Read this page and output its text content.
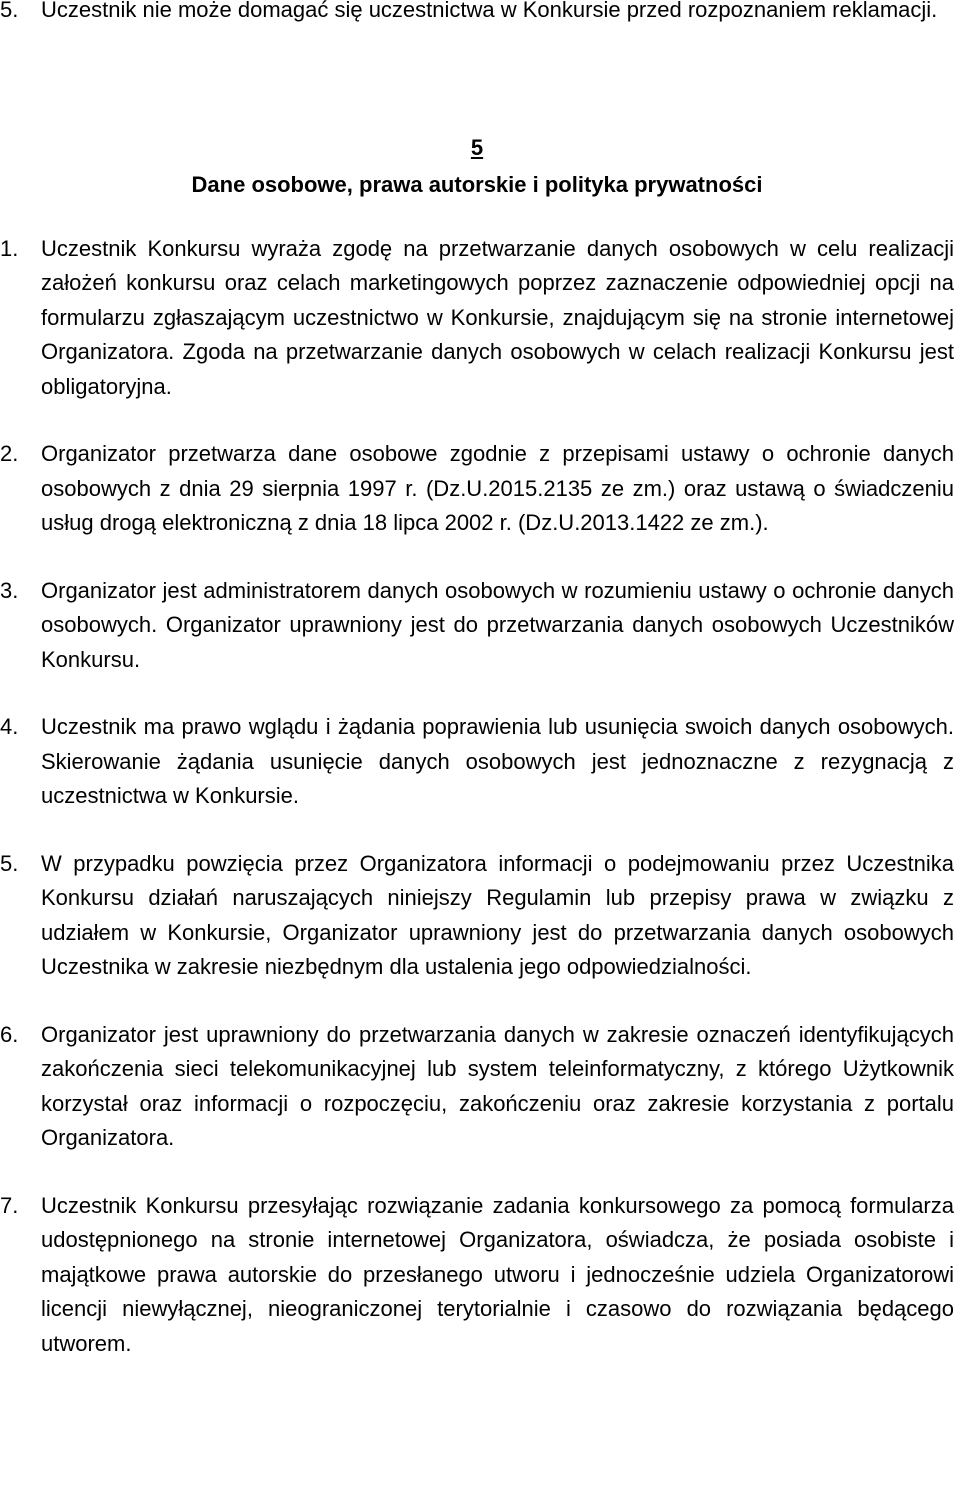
5.	Uczestnik nie może domagać się uczestnictwa w Konkursie przed rozpoznaniem reklamacji.
5
Dane osobowe, prawa autorskie i polityka prywatności
1.	Uczestnik Konkursu wyraża zgodę na przetwarzanie danych osobowych w celu realizacji założeń konkursu oraz celach marketingowych poprzez zaznaczenie odpowiedniej opcji na formularzu zgłaszającym uczestnictwo w Konkursie, znajdującym się na stronie internetowej Organizatora. Zgoda na przetwarzanie danych osobowych w celach realizacji Konkursu jest obligatoryjna.
2.	Organizator przetwarza dane osobowe zgodnie z przepisami ustawy o ochronie danych osobowych z dnia 29 sierpnia 1997 r. (Dz.U.2015.2135 ze zm.) oraz ustawą o świadczeniu usług drogą elektroniczną z dnia 18 lipca 2002 r. (Dz.U.2013.1422 ze zm.).
3.	Organizator jest administratorem danych osobowych w rozumieniu ustawy o ochronie danych osobowych. Organizator uprawniony jest do przetwarzania danych osobowych Uczestników Konkursu.
4.	Uczestnik ma prawo wglądu i żądania poprawienia lub usunięcia swoich danych osobowych. Skierowanie żądania usunięcie danych osobowych jest jednoznaczne z rezygnacją z uczestnictwa w Konkursie.
5.	W przypadku powzięcia przez Organizatora informacji o podejmowaniu przez Uczestnika Konkursu działań naruszających niniejszy Regulamin lub przepisy prawa w związku z udziałem w Konkursie, Organizator uprawniony jest do przetwarzania danych osobowych Uczestnika w zakresie niezbędnym dla ustalenia jego odpowiedzialności.
6.	Organizator jest uprawniony do przetwarzania danych w zakresie oznaczeń identyfikujących zakończenia sieci telekomunikacyjnej lub system teleinformatyczny, z którego Użytkownik korzystał oraz informacji o rozpoczęciu, zakończeniu oraz zakresie korzystania z portalu Organizatora.
7.	Uczestnik Konkursu przesyłając rozwiązanie zadania konkursowego za pomocą formularza udostępnionego na stronie internetowej Organizatora, oświadcza, że posiada osobiste i majątkowe prawa autorskie do przesłanego utworu i jednocześnie udziela Organizatorowi licencji niewyłącznej, nieograniczonej terytorialnie i czasowo do rozwiązania będącego utworem.
